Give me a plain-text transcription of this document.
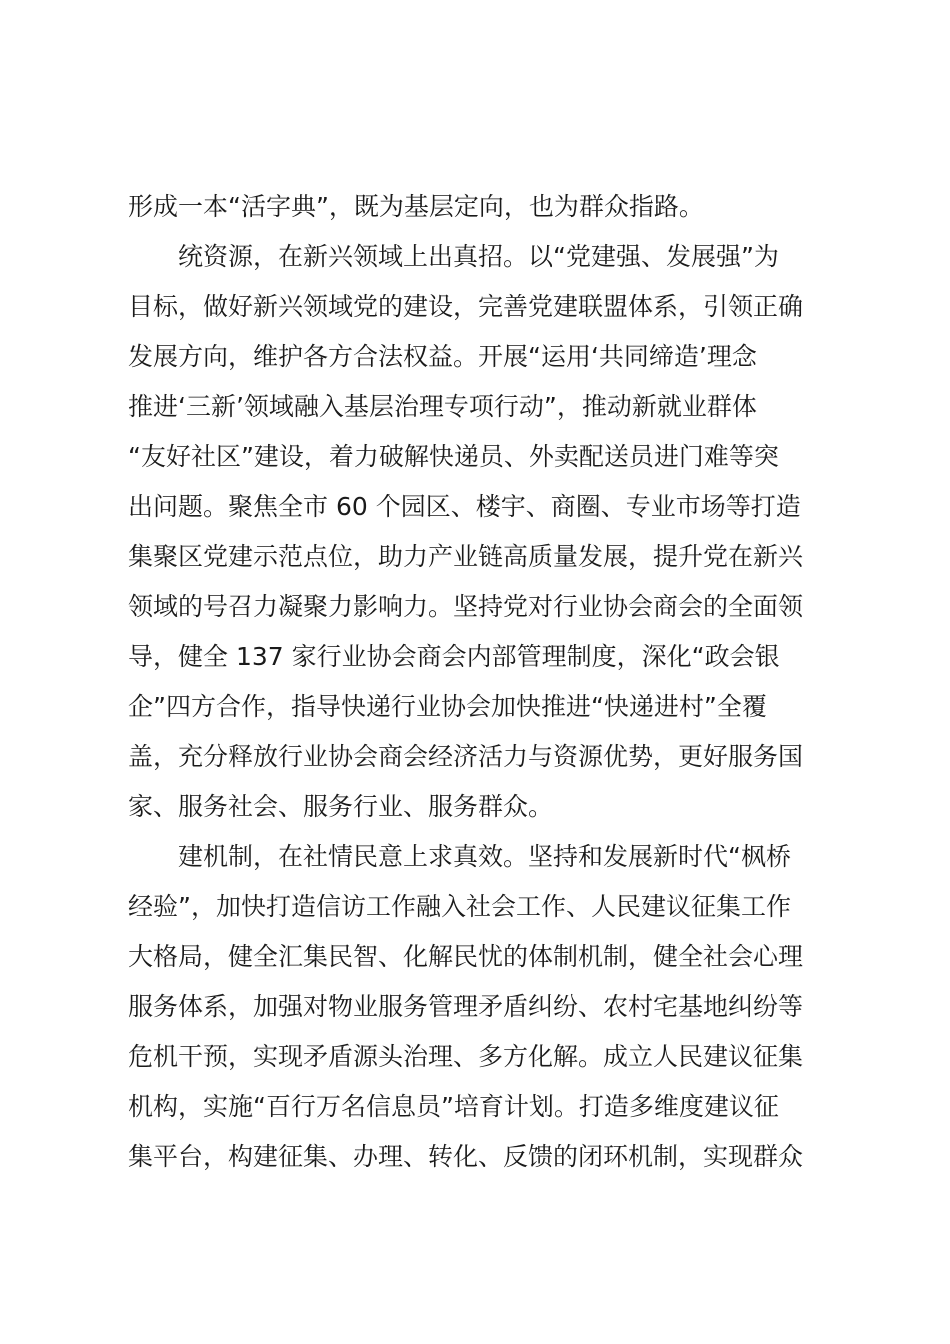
形成一本“活字典”，既为基层定向，也为群众指路。
统资源，在新兴领域上出真招。以“党建强、发展强”为
目标，做好新兴领域党的建设，完善党建联盟体系，引领正确
发展方向，维护各方合法权益。开展“运用‘共同缔造’理念
推进‘三新’领域融入基层治理专项行动”，推动新就业群体
“友好社区”建设，着力破解快递员、外卖配送员进门难等突
出问题。聚焦全市 60 个园区、楼宇、商圈、专业市场等打造
集聚区党建示范点位，助力产业链高质量发展，提升党在新兴
领域的号召力凝聚力影响力。坚持党对行业协会商会的全面领
导，健全 137 家行业协会商会内部管理制度，深化“政会银
企”四方合作，指导快递行业协会加快推进“快递进村”全覆
盖，充分释放行业协会商会经济活力与资源优势，更好服务国
家、服务社会、服务行业、服务群众。
建机制，在社情民意上求真效。坚持和发展新时代“枫桥
经验”，加快打造信访工作融入社会工作、人民建议征集工作
大格局，健全汇集民智、化解民忧的体制机制，健全社会心理
服务体系，加强对物业服务管理矛盾纠纷、农村宅基地纠纷等
危机干预，实现矛盾源头治理、多方化解。成立人民建议征集
机构，实施“百行万名信息员”培育计划。打造多维度建议征
集平台，构建征集、办理、转化、反馈的闭环机制，实现群众
